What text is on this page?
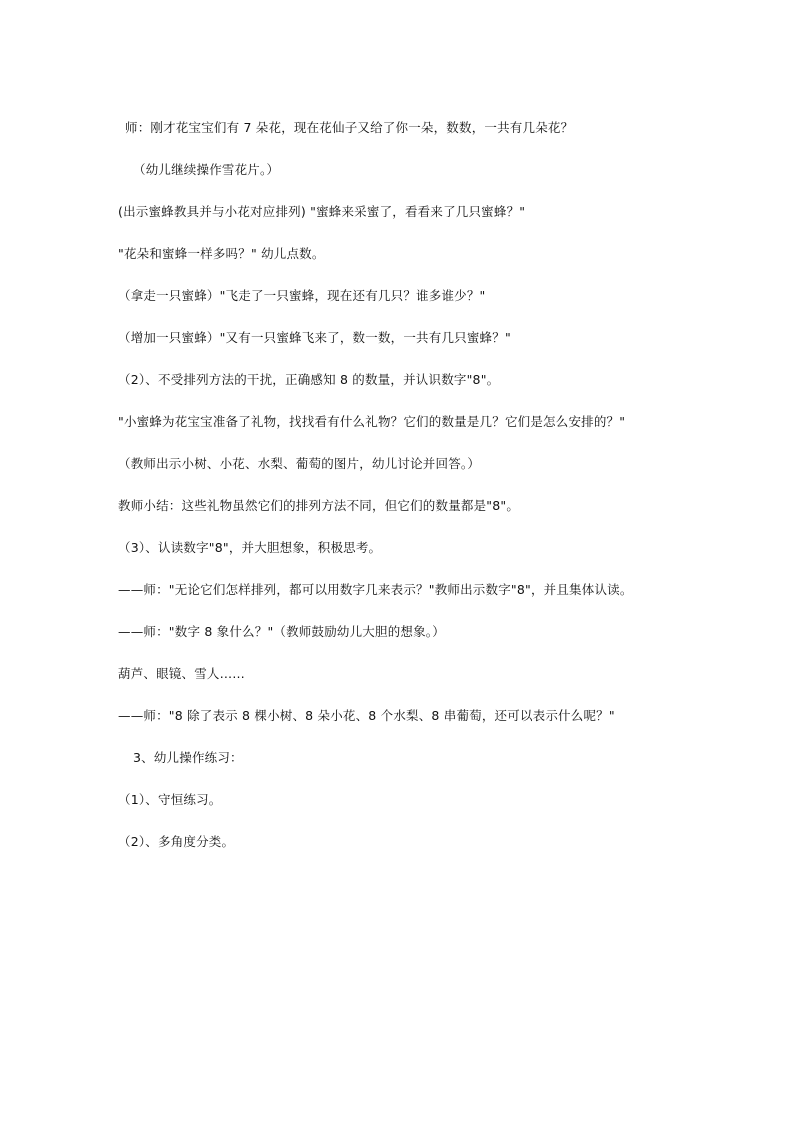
师：刚才花宝宝们有 7 朵花，现在花仙子又给了你一朵，数数，一共有几朵花？
（幼儿继续操作雪花片。）
(出示蜜蜂教具并与小花对应排列) "蜜蜂来采蜜了，看看来了几只蜜蜂？"
"花朵和蜜蜂一样多吗？" 幼儿点数。
（拿走一只蜜蜂）"飞走了一只蜜蜂，现在还有几只？谁多谁少？"
（增加一只蜜蜂）"又有一只蜜蜂飞来了，数一数，一共有几只蜜蜂？"
（2）、不受排列方法的干扰，正确感知 8 的数量，并认识数字"8"。
"小蜜蜂为花宝宝准备了礼物，找找看有什么礼物？它们的数量是几？它们是怎么安排的？"
（教师出示小树、小花、水梨、葡萄的图片，幼儿讨论并回答。）
教师小结：这些礼物虽然它们的排列方法不同，但它们的数量都是"8"。
（3）、认读数字"8"，并大胆想象，积极思考。
——师："无论它们怎样排列，都可以用数字几来表示？"教师出示数字"8"，并且集体认读。
——师："数字 8 象什么？"（教师鼓励幼儿大胆的想象。）
葫芦、眼镜、雪人……
——师："8 除了表示 8 棵小树、8 朵小花、8 个水梨、8 串葡萄，还可以表示什么呢？"
3、幼儿操作练习：
（1）、守恒练习。
（2）、多角度分类。
